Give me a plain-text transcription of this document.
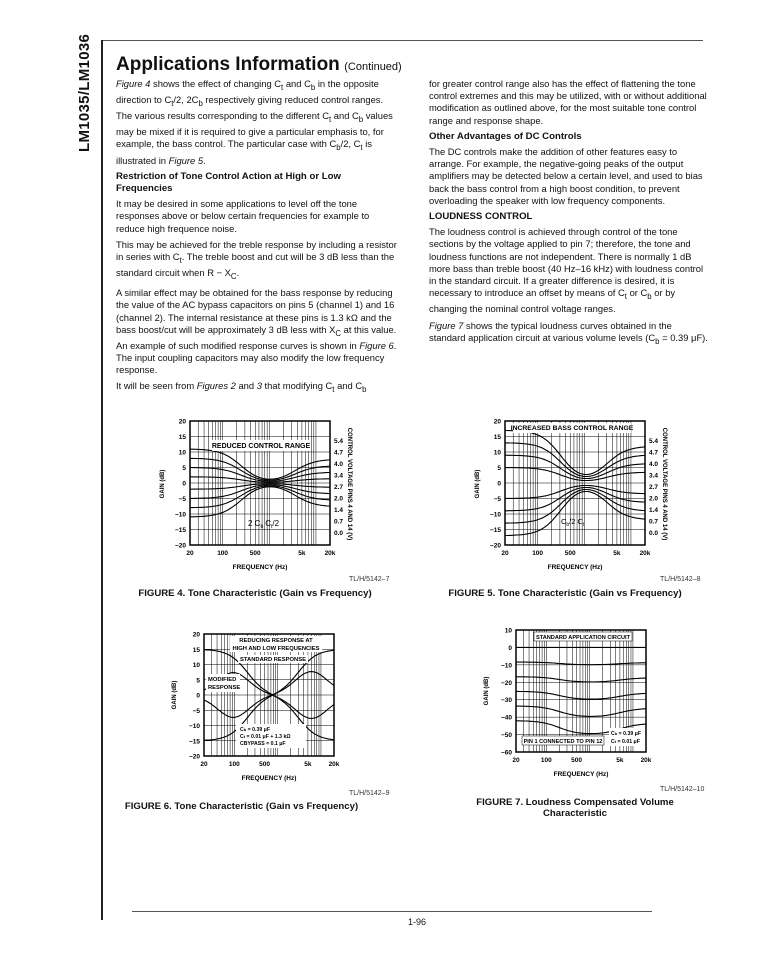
LM1035/LM1036 Applications Information (Continued)

Figure 4 shows the effect of changing $C_t$ and $C_b$ in the opposite direction to $C_t/2$, $2C_b$ respectively giving reduced control ranges. The various results corresponding to the different $C_t$ and $C_b$ values may be mixed if it is required to give a particular emphasis to, for example, the bass control. The particular case with $C_b/2$, $C_t$ is illustrated in Figure 5.

Restriction of Tone Control Action at High or Low Frequencies

It may be desired in some applications to level off the tone responses above or below certain frequencies for example to reduce high frequence noise.

This may be achieved for the treble response by including a resistor in series with $C_t$. The treble boost and cut will be 3 dB less than the standard circuit when $R - X_C$.

A similar effect may be obtained for the bass response by reducing the value of the AC bypass capacitors on pins 5 (channel 1) and 16 (channel 2). The internal resistance at these pins is 1.3 kΩ and the bass boost/cut will be approximately 3 dB less with $X_C$ at this value. An example of such modified response curves is shown in Figure 6. The input coupling capacitors may also modify the low frequency response.

It will be seen from Figures 2 and 3 that modifying $C_t$ and $C_b$

for greater control range also has the effect of flattening the tone control extremes and this may be utilized, with or without additional modification as outlined above, for the most suitable tone control range and response shape.

Other Advantages of DC Controls

The DC controls make the addition of other features easy to arrange. For example, the negative-going peaks of the output amplifiers may be detected below a certain level, and used to bias back the bass control from a high boost condition, to prevent overloading the speaker with low frequency components.

LOUDNESS CONTROL

The loudness control is achieved through control of the tone sections by the voltage applied to pin 7; therefore, the tone and loudness functions are not independent. There is normally 1 dB more bass than treble boost (40 Hz–16 kHz) with loudness control in the standard circuit. If a greater difference is desired, it is necessary to introduce an offset by means of $C_t$ or $C_b$ or by changing the nominal control voltage ranges.

Figure 7 shows the typical loudness curves obtained in the standard application circuit at various volume levels ($C_b = 0.39$ μF).

REDUCED CONTROL RANGE
2 $C_b$ $C_t/2$
20
15
10
5
0
−5
−10
−15
−20
20	100	500	5k	20k
5.4
4.7
4.0
3.4
2.7
2.0
1.4
0.7
0.0
GAIN (dB)	CONTROL VOLTAGE PINS 4 AND 14 (V)
FREQUENCY (Hz)
TL/H/5142–7
FIGURE 4. Tone Characteristic (Gain vs Frequency)
INCREASED BASS CONTROL RANGE
$C_b/2$ $C_t$
20
15
10
5
0
−5
−10
−15
−20
20	100	500	5k	20k
5.4
4.7
4.0
3.4
2.7
2.0
1.4
0.7
0.0
GAIN (dB)	CONTROL VOLTAGE PINS 4 AND 14 (V)
FREQUENCY (Hz)
TL/H/5142–8
FIGURE 5. Tone Characteristic (Gain vs Frequency)
REDUCING RESPONSE AT
HIGH AND LOW FREQUENCIES
STANDARD RESPONSE
MODIFIED
RESPONSE
Cb = 0.39 μF
Ct = 0.01 μF + 1.3 kΩ
CBYPASS = 0.1 μF
20
15
10
5
0
−5
−10
−15
−20
20	100	500	5k	20k
GAIN (dB)
FREQUENCY (Hz)
TL/H/5142–9
FIGURE 6. Tone Characteristic (Gain vs Frequency)
STANDARD APPLICATION CIRCUIT
PIN 1 CONNECTED TO PIN 12
Cb = 0.39 μF
Ct = 0.01 μF
10
0
−10
−20
−30
−40
−50
−60
20	100	500	5k	20k
GAIN (dB)
FREQUENCY (Hz)
TL/H/5142–10
FIGURE 7. Loudness Compensated Volume
Characteristic
1-96
